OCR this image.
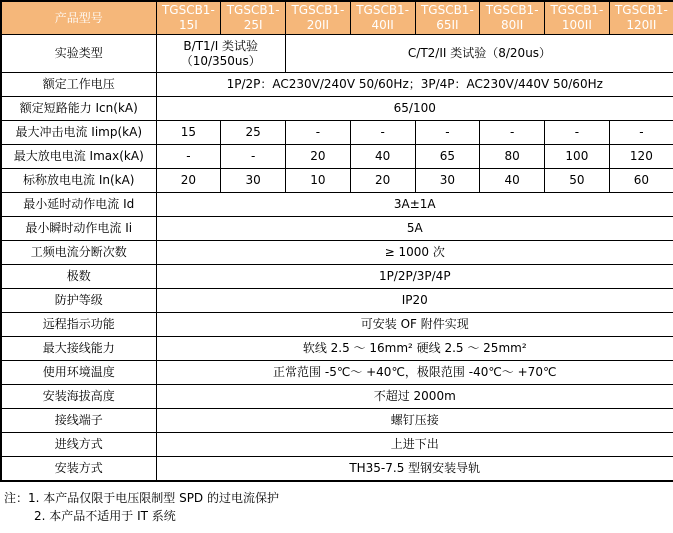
产品型号	TGSCB1-15I	TGSCB1-25I	TGSCB1-20II	TGSCB1-40II	TGSCB1-65II	TGSCB1-80II	TGSCB1-100II	TGSCB1-120II
实验类型	B/T1/I 类试验（10/350us）		C/T2/II 类试验（8/20us）					
额定工作电压	1P/2P：AC230V/240V 50/60Hz；3P/4P：AC230V/440V 50/60Hz							
额定短路能力 Icn(kA)	65/100							
最大冲击电流 Iimp(kA)	15	25	-	-	-	-	-	-
最大放电电流 Imax(kA)	-	-	20	40	65	80	100	120
标称放电电流 In(kA)	20	30	10	20	30	40	50	60
最小延时动作电流 Id	3A±1A							
最小瞬时动作电流 Ii	5A							
工频电流分断次数	≥ 1000 次							
极数	1P/2P/3P/4P							
防护等级	IP20							
远程指示功能	可安装 OF 附件实现							
最大接线能力	软线 2.5 ～ 16mm² 硬线 2.5 ～ 25mm²							
使用环境温度	正常范围 -5℃～ +40℃，极限范围 -40℃～ +70℃							
安装海拔高度	不超过 2000m							
接线端子	螺钉压接							
进线方式	上进下出							
安装方式	TH35-7.5 型钢安装导轨							
注：1. 本产品仅限于电压限制型 SPD 的过电流保护
2. 本产品不适用于 IT 系统
